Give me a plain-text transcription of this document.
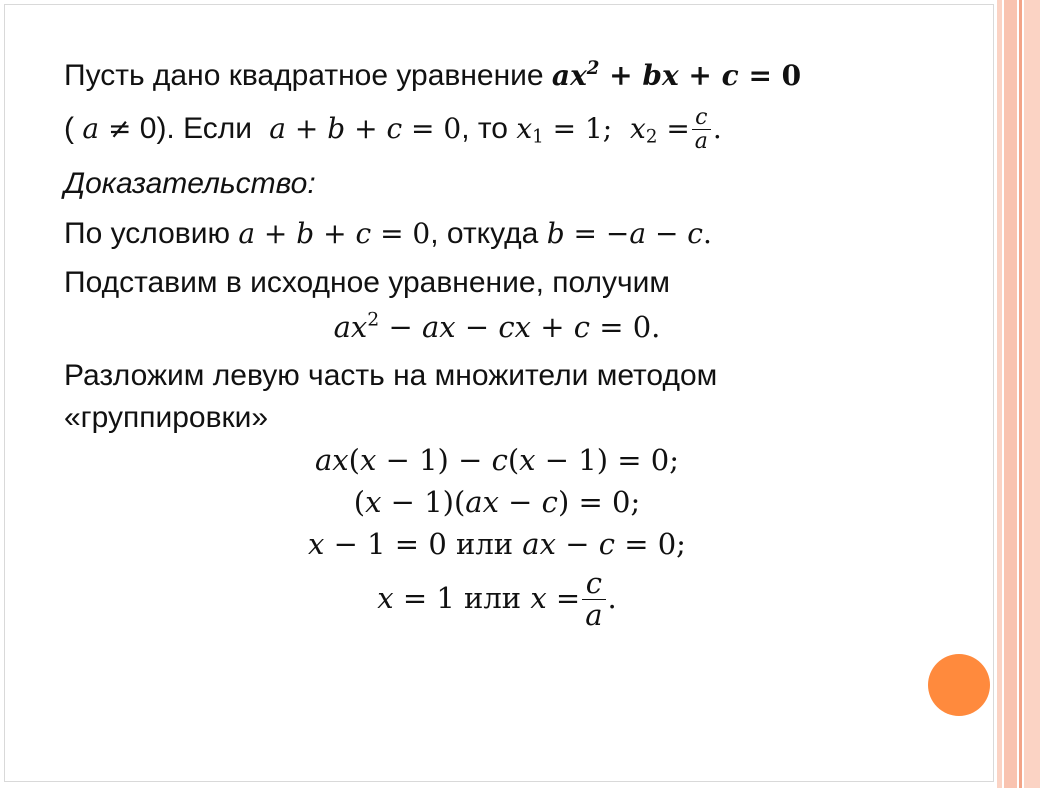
Пусть дано квадратное уравнение $ax^2$ + bx + c = 0
( a ≠ 0). Если  a + b + c = 0, то $x_1 = 1$;  $x_2 = \frac{c}{a}$ .
Доказательство:
По условию a + b + c = 0, откуда b = −a − c.
Подставим в исходное уравнение, получим
$ax^2$ − ax − cx + c = 0.
Разложим левую часть на множители методом
«группировки»
ax(x − 1) − c(x − 1) = 0;
(x − 1)(ax − c) = 0;
x − 1 = 0 или ax − c = 0;
x = 1 или $x = \frac{c}{a}$ .
